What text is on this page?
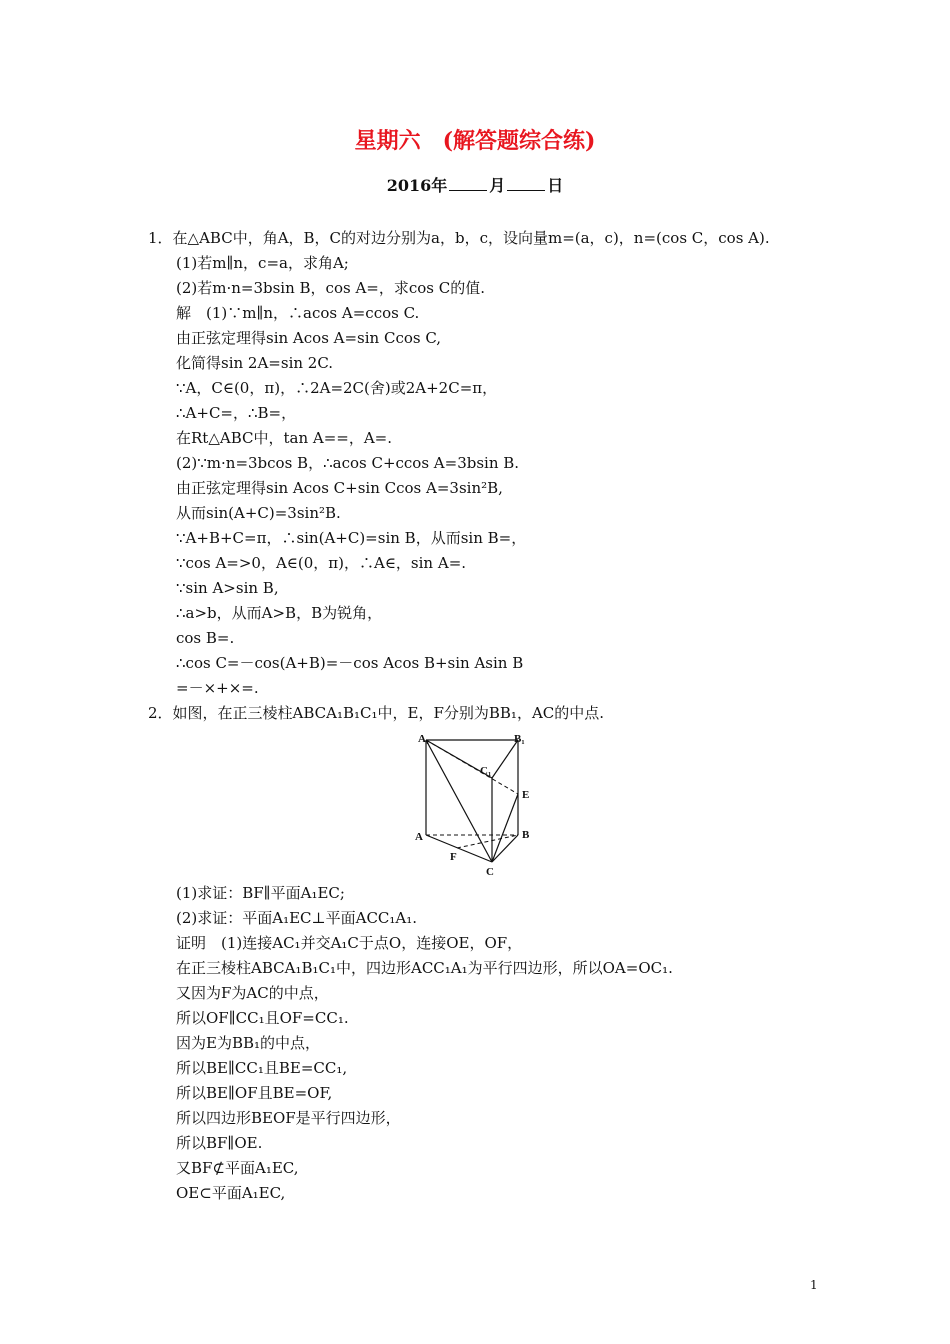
星期六　(解答题综合练)
2016年	月	日
1．在△ABC中，角A，B，C的对边分别为a，b，c，设向量m=(a，c)，n=(cos C，cos A).
(1)若m∥n，c=a，求角A;
(2)若m·n=3bsin B，cos A=，求cos C的值.
解　(1)∵m∥n，∴acos A=ccos C.
由正弦定理得sin Acos A=sin Ccos C,
化简得sin 2A=sin 2C.
∵A，C∈(0，π)，∴2A=2C(舍)或2A+2C=π，
∴A+C=，∴B=，
在Rt△ABC中，tan A==，A=.
(2)∵m·n=3bcos B，∴acos C+ccos A=3bsin B.
由正弦定理得sin Acos C+sin Ccos A=3sin²B,
从而sin(A+C)=3sin²B.
∵A+B+C=π，∴sin(A+C)=sin B，从而sin B=，
∵cos A=>0，A∈(0，π)，∴A∈，sin A=.
∵sin A>sin B,
∴a>b，从而A>B，B为锐角，
cos B=.
∴cos C=－cos(A+B)=－cos Acos B+sin Asin B
=－×+×=.
2．如图，在正三棱柱ABCA₁B₁C₁中，E，F分别为BB₁，AC的中点.
(1)求证：BF∥平面A₁EC;
(2)求证：平面A₁EC⊥平面ACC₁A₁.
证明　(1)连接AC₁并交A₁C于点O，连接OE，OF，
在正三棱柱ABCA₁B₁C₁中，四边形ACC₁A₁为平行四边形，所以OA=OC₁.
又因为F为AC的中点，
所以OF∥CC₁且OF=CC₁.
因为E为BB₁的中点，
所以BE∥CC₁且BE=CC₁,
所以BE∥OF且BE=OF,
所以四边形BEOF是平行四边形，
所以BF∥OE.
又BF⊄平面A₁EC,
OE⊂平面A₁EC,
A₁	B₁
C₁
E
A	B
F
C
1
